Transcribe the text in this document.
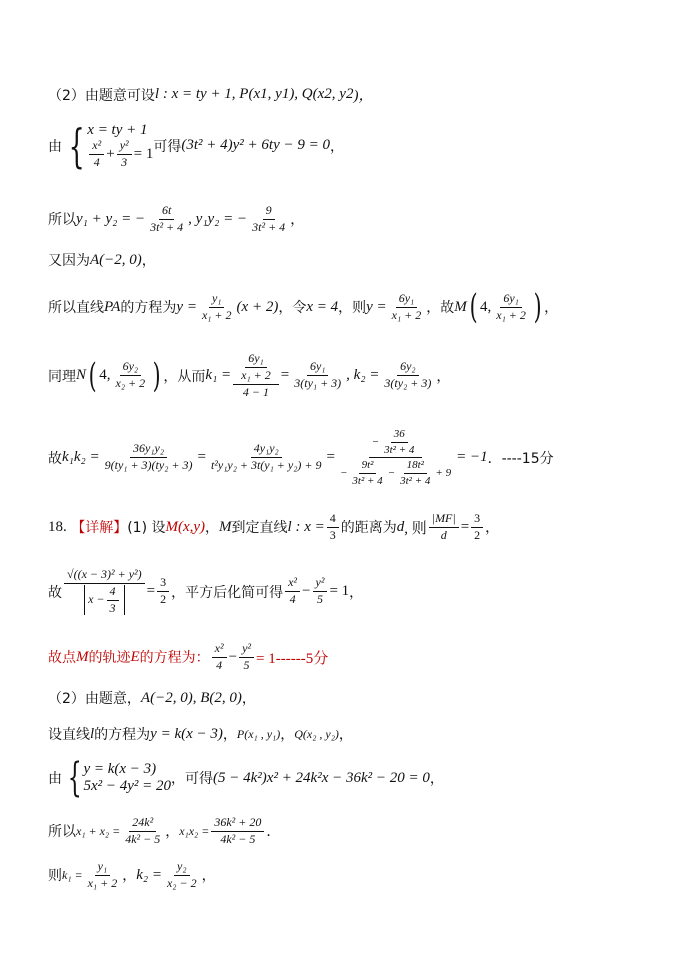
（2）由题意可设 l : x = ty + 1, P(x 1 , y 1 ), Q(x 2 , y 2 )，
由 { x = ty + 1
$\frac{\text{x²}}{4} + \frac{\text{y²}}{3} = 1$ 可得 (3t² + 4)y² + 6ty − 9 = 0 ，
所以 y₁ + y₂ = − $\frac{6t}{\text{3t² + 4}}$ , y₁y₂ = − $\frac{9}{\text{3t² + 4}}$ ，
又因为 A(−2, 0) ，
所以直线 PA 的方程为 $y = \frac{\text{y₁}}{\text{x₁ + 2}} (x + 2)$ ，令 x = 4 ，则 $y = \frac{\text{6y₁}}{\text{x₁ + 2}}$ ，故 M ( 4, $\frac{\text{6y₁}}{\text{x₁ + 2}}$ ) ，
同理 N ( 4, $\frac{\text{6y₂}}{\text{x₂ + 2}}$ ) ，从而 $k_1 = \frac{\frac{\text{6y₁}}{\text{x₁ + 2}}}{4 - 1} = \frac{\text{6y₁}}{\text{3(ty₁ + 3)}}$ , $k_2 = \frac{\text{6y₂}}{\text{3(ty₂ + 3)}}$ ，
故 $k_1k_2 = \frac{\text{36y₁y₂}}{\text{9(ty₁ + 3)(ty₂ + 3)}} = \frac{\text{4y₁y₂}}{\text{t²y₁y₂ + 3t(y₁ + y₂) + 9}} = \frac{- \frac{36}{\text{3t² + 4}}}{- \frac{\text{9t²}}{\text{3t² + 4}} - \frac{\text{18t²}}{\text{3t² + 4}} + 9} = -1$ ．----15分
18.
【详解】 (1) 设 M(x,y) ， M 到定直线 l : $x = \frac{4}{3}$ 的距离为 d , 则 $\frac{|MF|}{d} = \frac{3}{2}$ ，
故 $\frac{\text{√((x − 3)² + y²)}}{x - \frac{4}{3}} = \frac{3}{2}$ ，平方后化简可得 $\frac{\text{x²}}{4} - \frac{\text{y²}}{5} = 1$ ，
故点 M 的轨迹 E 的方程为： $\frac{\text{x²}}{4} - \frac{\text{y²}}{5} = 1------5$分
（2）由题意， A(−2, 0), B(2, 0) ，
设直线 l 的方程为 y = k(x − 3) ， P(x₁ , y₁) ， Q(x₂ , y₂) ，
由 { y = k(x − 3)
5x² − 4y² = 20 ，可得 (5 − 4k²)x² + 24k²x − 36k² − 20 = 0 ，
所以 $x_1 + x_2 = \frac{\text{24k²}}{\text{4k² − 5}}$ ， $x_1x_2 = \frac{\text{36k² + 20}}{\text{4k² − 5}}$ ．
则 $k_1 = \frac{\text{y₁}}{\text{x₁ + 2}}$ ， $k_2 = \frac{\text{y₂}}{\text{x₂ − 2}}$ ，
